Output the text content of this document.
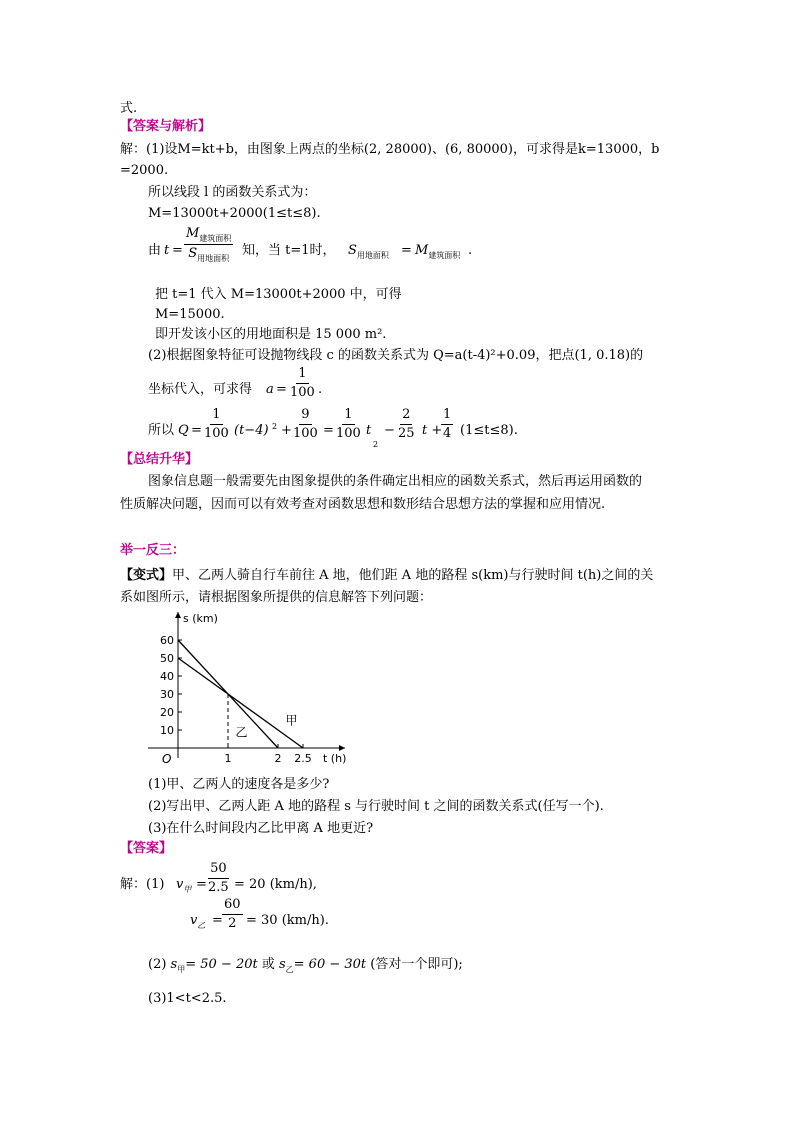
式.
【答案与解析】
解：(1)设M=kt+b，由图象上两点的坐标(2, 28000)、(6, 80000)，可求得是k=13000，b
=2000.
所以线段 l 的函数关系式为：
M=13000t+2000(1≤t≤8).
由 t =
$M_{建筑面积}$
$S_{用地面积}$
知，当 t=1时， $S_{用地面积} = M_{建筑面积}$ .
把 t=1 代入 M=13000t+2000 中，可得
M=15000.
即开发该小区的用地面积是 15 000 m².
(2)根据图象特征可设抛物线段 c 的函数关系式为 Q=a(t-4)²+0.09，把点(1, 0.18)的
坐标代入，可求得 $a = \frac{1}{100}$ .
所以 $Q = \frac{1}{100} (t-4) 2 + \frac{9}{100} = \frac{1}{100}$ t
2
− $\frac{2}{25}$ t +
$\frac{1}{4} (1\le t\le 8)$.
【总结升华】
图象信息题一般需要先由图象提供的条件确定出相应的函数关系式，然后再运用函数的
性质解决问题，因而可以有效考查对函数思想和数形结合思想方法的掌握和应用情况.
举一反三：
【变式】甲、乙两人骑自行车前往 A 地，他们距 A 地的路程 s(km)与行驶时间 t(h)之间的关
系如图所示，请根据图象所提供的信息解答下列问题：
10
20
30
40
50
60
1	2 2.5
s (km)
t (h)
O
甲
乙
(1)甲、乙两人的速度各是多少?
(2)写出甲、乙两人距 A 地的路程 s 与行驶时间 t 之间的函数关系式(任写一个).
(3)在什么时间段内乙比甲离 A 地更近?
【答案】
解：(1) $v_甲 = \frac{50}{2.5} = 20$ (km/h),
$v_乙 = \frac{60}{2} = 30$ (km/h).
(2) $s_甲= 50 - 20t$ 或 $s_乙= 60 - 30t$ (答对一个即可);
(3)1<t<2.5.
